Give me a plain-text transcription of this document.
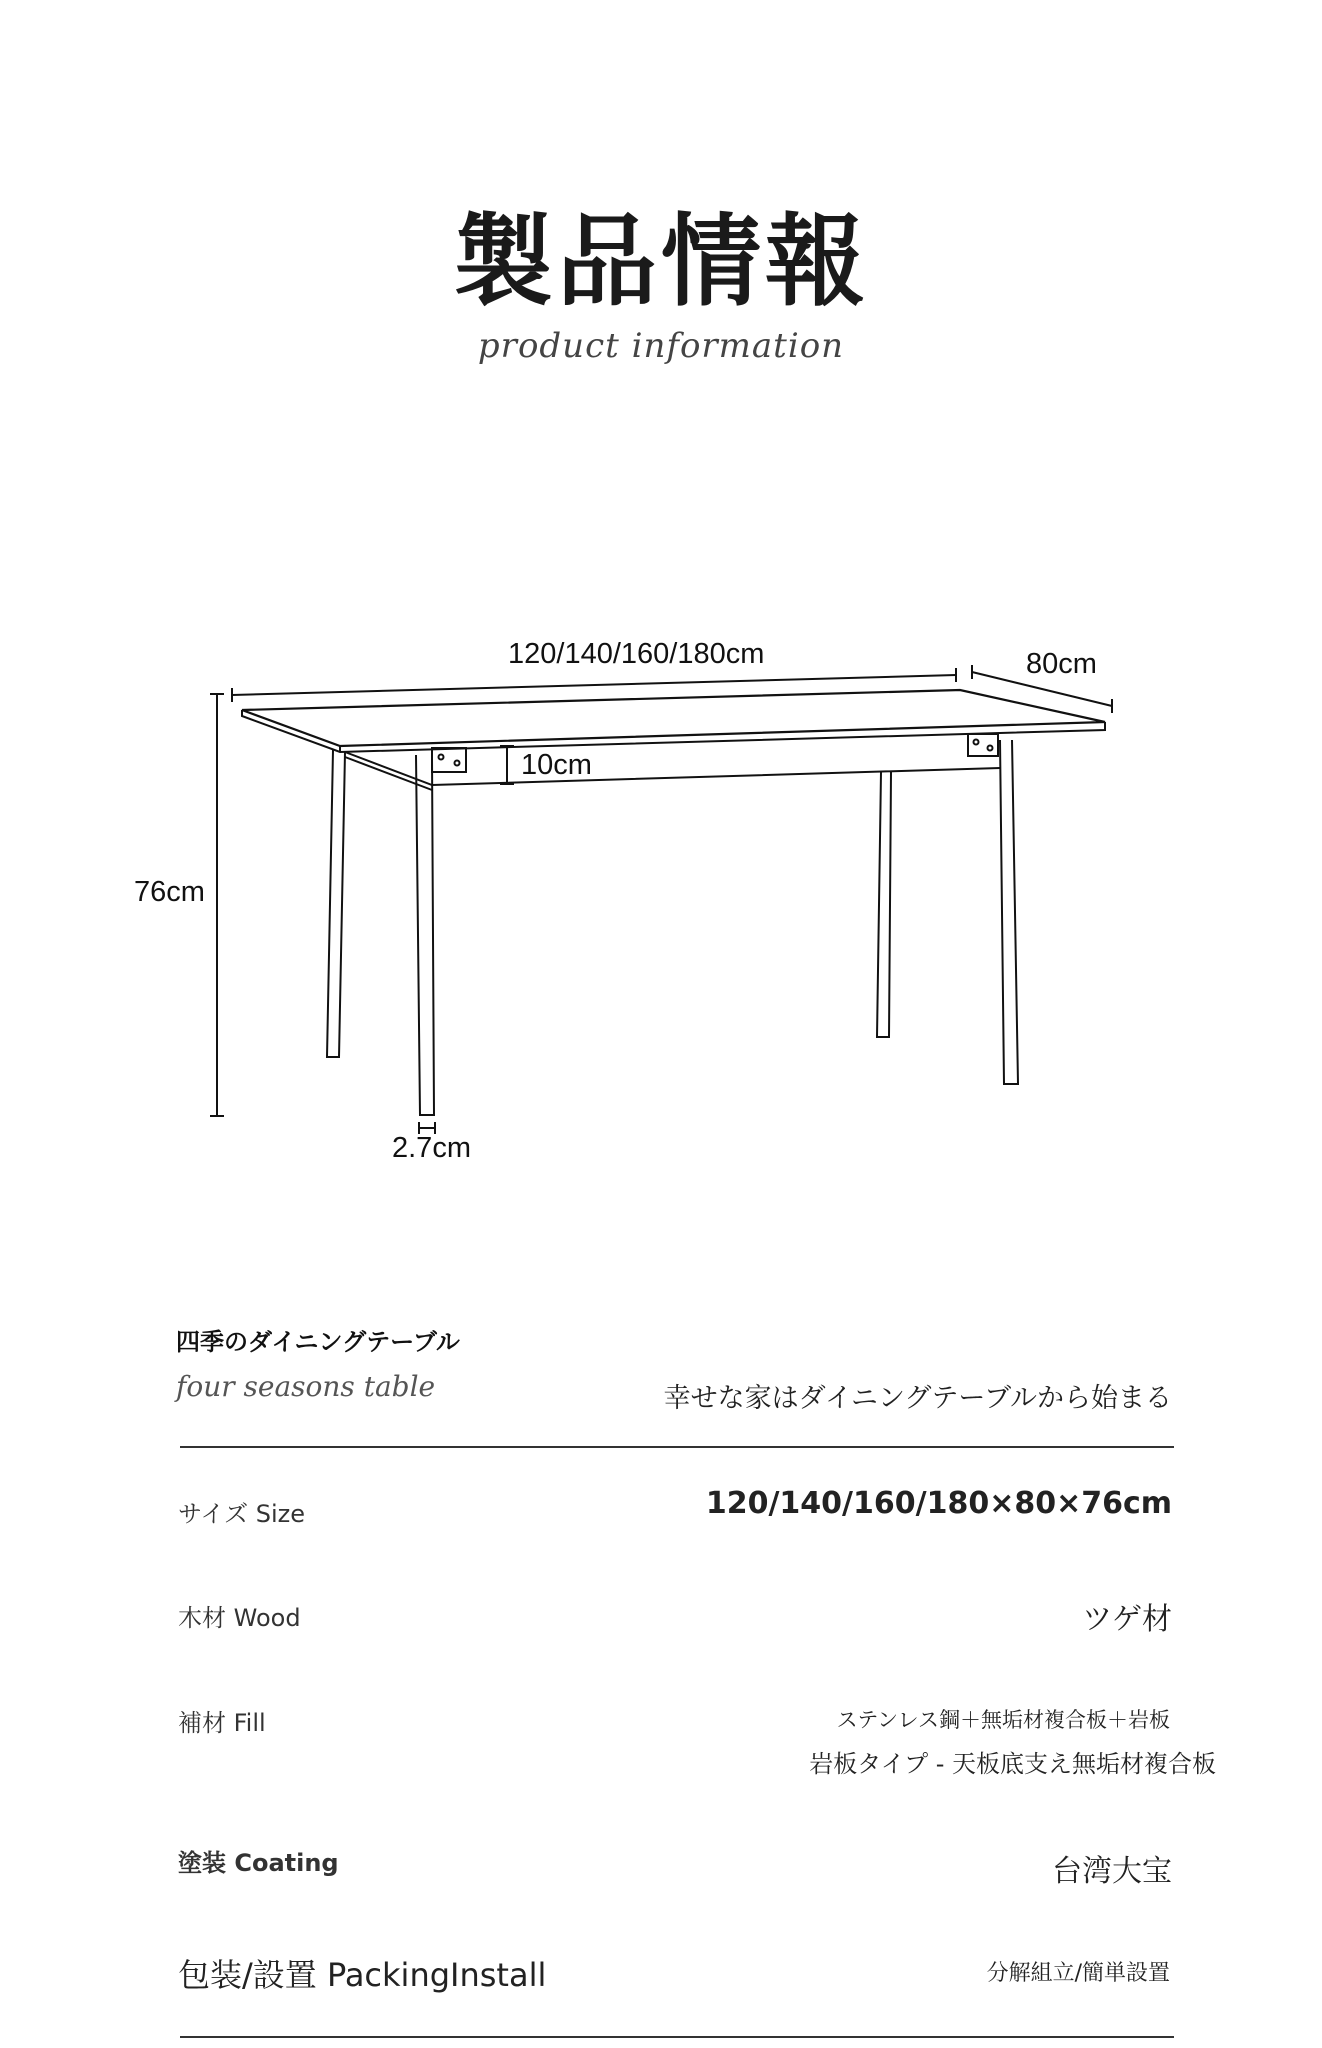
製品情報
product information
120/140/160/180cm	80cm
76cm
10cm
2.7cm
四季のダイニングテーブル
four seasons table	幸せな家はダイニングテーブルから始まる
サイズ Size	120/140/160/180×80×76cm
木材 Wood	ツゲ材
補材 Fill	ステンレス鋼＋無垢材複合板＋岩板
岩板タイプ - 天板底支え無垢材複合板
塗装 Coating	台湾大宝
包装/設置 PackingInstall	分解組立/簡単設置
